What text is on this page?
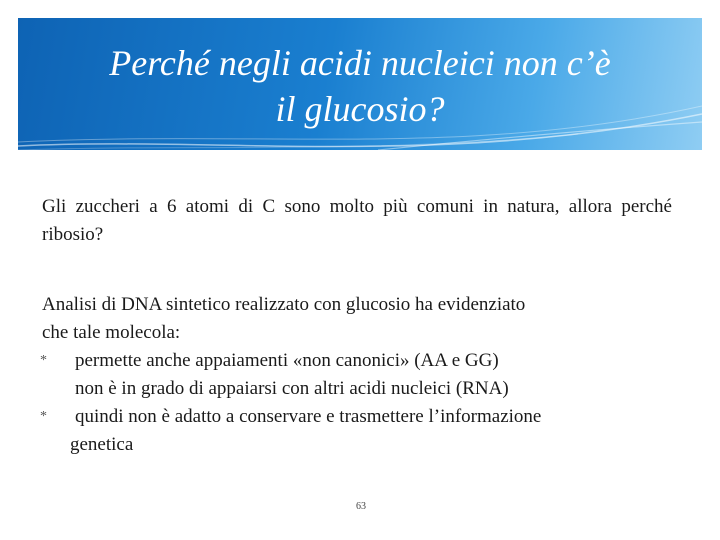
Perché negli acidi nucleici non c’è
il glucosio?

Gli zuccheri a 6 atomi di C sono molto più comuni in natura, allora perché ribosio?

Analisi di DNA sintetico realizzato con glucosio ha evidenziato
che tale molecola:
* permette anche appaiamenti «non canonici» (AA e GG)
non è in grado di appaiarsi con altri acidi nucleici (RNA)
* quindi non è adatto a conservare e trasmettere l’informazione
genetica
63
